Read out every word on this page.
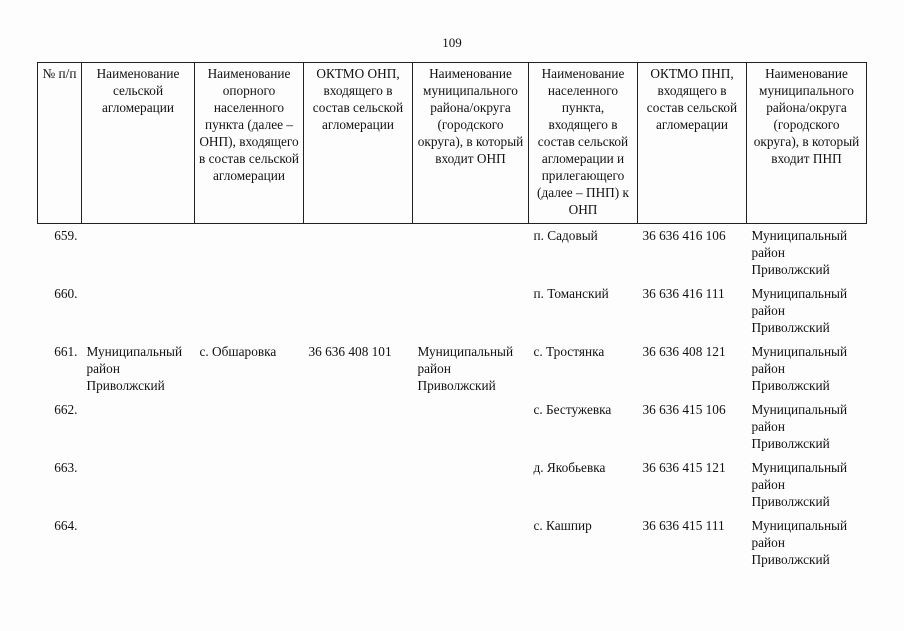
109
№ п/п	Наименование сельской агломерации	Наименование опорного населенного пункта (далее – ОНП), входящего в состав сельской агломерации	ОКТМО ОНП, входящего в состав сельской агломерации	Наименование муниципального района/округа (городского округа), в который входит ОНП	Наименование населенного пункта, входящего в состав сельской агломерации и прилегающего (далее – ПНП) к ОНП	ОКТМО ПНП, входящего в состав сельской агломерации	Наименование муниципального района/округа (городского округа), в который входит ПНП
659.					п. Садовый	36 636 416 106	Муниципальный район Приволжский
660.					п. Томанский	36 636 416 111	Муниципальный район Приволжский
661.	Муниципальный район Приволжский	с. Обшаровка	36 636 408 101	Муниципальный район Приволжский	с. Тростянка	36 636 408 121	Муниципальный район Приволжский
662.					с. Бестужевка	36 636 415 106	Муниципальный район Приволжский
663.					д. Якобьевка	36 636 415 121	Муниципальный район Приволжский
664.					с. Кашпир	36 636 415 111	Муниципальный район Приволжский
